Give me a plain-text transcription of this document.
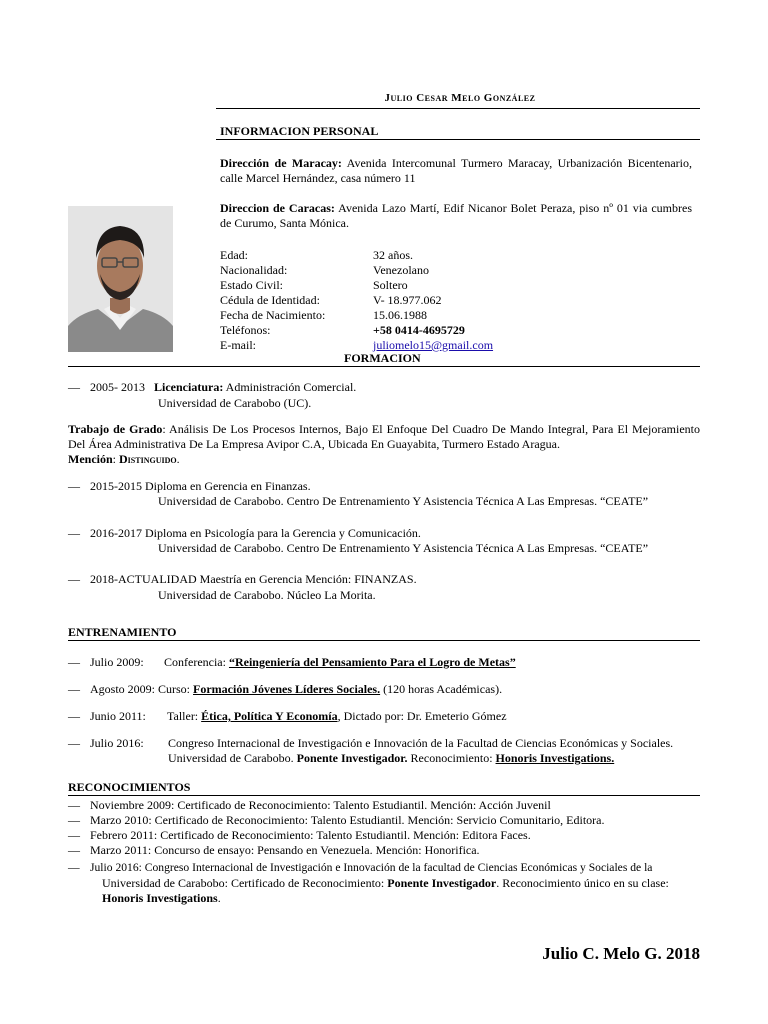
Julio Cesar Melo González
INFORMACION PERSONAL
Dirección de Maracay: Avenida Intercomunal Turmero Maracay, Urbanización Bicentenario, calle Marcel Hernández, casa número 11
Direccion de Caracas: Avenida Lazo Martí, Edif Nicanor Bolet Peraza, piso nº 01 via cumbres de Curumo, Santa Mónica.
Edad:	32 años.
Nacionalidad:	Venezolano
Estado Civil:	Soltero
Cédula de Identidad:	V- 18.977.062
Fecha de Nacimiento:	15.06.1988
Teléfonos:	+58 0414-4695729
E-mail:	juliomelo15@gmail.com
FORMACION
— 2005- 2013 Licenciatura: Administración Comercial.
Universidad de Carabobo (UC).
Trabajo de Grado: Análisis De Los Procesos Internos, Bajo El Enfoque Del Cuadro De Mando Integral, Para El Mejoramiento Del Área Administrativa De La Empresa Avipor C.A, Ubicada En Guayabita, Turmero Estado Aragua.
Mención: Distinguido.
— 2015-2015 Diploma en Gerencia en Finanzas.
Universidad de Carabobo. Centro De Entrenamiento Y Asistencia Técnica A Las Empresas. “CEATE”
— 2016-2017 Diploma en Psicología para la Gerencia y Comunicación.
Universidad de Carabobo. Centro De Entrenamiento Y Asistencia Técnica A Las Empresas. “CEATE”
— 2018-ACTUALIDAD Maestría en Gerencia Mención: FINANZAS.
Universidad de Carabobo. Núcleo La Morita.
ENTRENAMIENTO
— Julio 2009: Conferencia: “Reingeniería del Pensamiento Para el Logro de Metas”
— Agosto 2009: Curso: Formación Jóvenes Líderes Sociales. (120 horas Académicas).
— Junio 2011: Taller: Ética, Política Y Economía, Dictado por: Dr. Emeterio Gómez
— Julio 2016: Congreso Internacional de Investigación e Innovación de la Facultad de Ciencias Económicas y Sociales.
Universidad de Carabobo. Ponente Investigador. Reconocimiento: Honoris Investigations.
RECONOCIMIENTOS
— Noviembre 2009: Certificado de Reconocimiento: Talento Estudiantil. Mención: Acción Juvenil
— Marzo 2010: Certificado de Reconocimiento: Talento Estudiantil. Mención: Servicio Comunitario, Editora.
— Febrero 2011: Certificado de Reconocimiento: Talento Estudiantil. Mención: Editora Faces.
— Marzo 2011: Concurso de ensayo: Pensando en Venezuela. Mención: Honorifica.
— Julio 2016: Congreso Internacional de Investigación e Innovación de la facultad de Ciencias Económicas y Sociales de la
Universidad de Carabobo: Certificado de Reconocimiento: Ponente Investigador. Reconocimiento único en su clase:
Honoris Investigations.
Julio C. Melo G. 2018
